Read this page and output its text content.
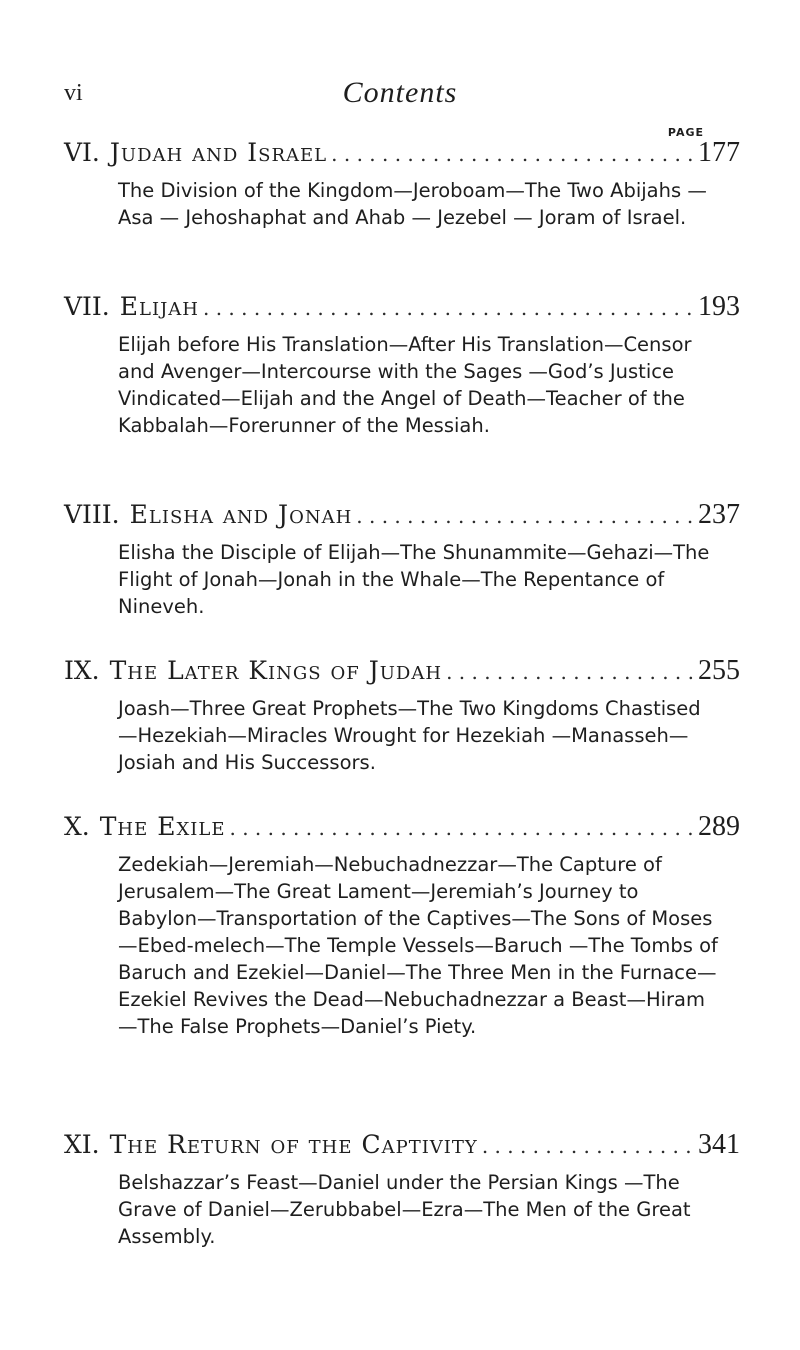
vi	Contents
PAGE
VI. Judah and Israel . . .	177
The Division of the Kingdom—Jeroboam—The Two Abijahs — Asa — Jehoshaphat and Ahab — Jezebel — Joram of Israel.
VII. Elijah . . .	193
Elijah before His Translation—After His Translation—Censor and Avenger—Intercourse with the Sages —God’s Justice Vindicated—Elijah and the Angel of Death—Teacher of the Kabbalah—Forerunner of the Messiah.
VIII. Elisha and Jonah . . .	237
Elisha the Disciple of Elijah—The Shunammite—Gehazi—The Flight of Jonah—Jonah in the Whale—The Repentance of Nineveh.
IX. The Later Kings of Judah . . .	255
Joash—Three Great Prophets—The Two Kingdoms Chastised—Hezekiah—Miracles Wrought for Hezekiah —Manasseh—Josiah and His Successors.
X. The Exile . . .	289
Zedekiah—Jeremiah—Nebuchadnezzar—The Capture of Jerusalem—The Great Lament—Jeremiah’s Journey to Babylon—Transportation of the Captives—The Sons of Moses—Ebed-melech—The Temple Vessels—Baruch —The Tombs of Baruch and Ezekiel—Daniel—The Three Men in the Furnace—Ezekiel Revives the Dead—Nebuchadnezzar a Beast—Hiram—The False Prophets—Daniel’s Piety.
XI. The Return of the Captivity . . .	341
Belshazzar’s Feast—Daniel under the Persian Kings —The Grave of Daniel—Zerubbabel—Ezra—The Men of the Great Assembly.
